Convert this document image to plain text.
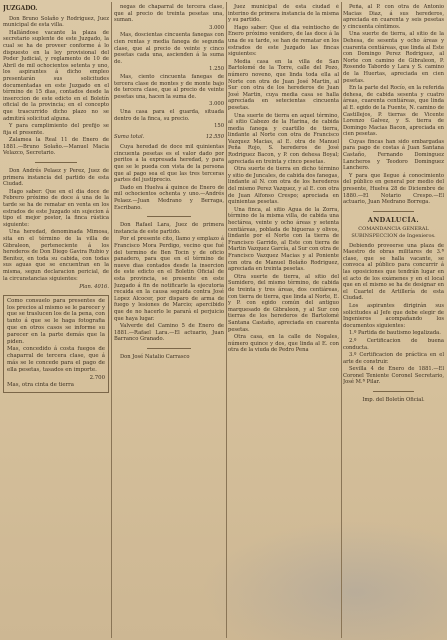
JUZGADO.

Don Bruno Solaño y Rodriguez, Juez municipal de esta villa.

Hallándose vacante la plaza de secretario suplente de este Juzgado, la cual se ha de proveer conforme á lo dispuesto en la ley provisional del Poder Judicial, y reglamento de 10 de Abril de mil ochocientos setenta y uno, los aspirantes á dicho empleo presentarán sus solicitudes documentadas en este Juzgado en el término de 15 dias, contados desde la inserccion de este edicto en el Boletín oficial de la provincia; en el concepto que trascurrido dicho plazo no se admitirá solicitud alguna.

Y para cumplimiento del prefijo se fija el presente.

Zalamea la Real 11 de Enero de 1881.—Bruno Solaño.—Manuel Macia Velazco, Secretario.

Don Andrés Pelaez y Perez, Juez de primera instancia del partido de esta Ciudad.

Hago saber: Que en el dia doce de Febrero próximo de doce á una de la tarde se ha de rematar en venta en los estrados de este Juzgado sin sujecion á tipo el mejor postor, la finca rústica siguiente:

Una heredad, denominada Mimosa, sita en el término de la villa de Gibraleon, perteneciente á los herederos de Don Diego Gavira Rubio y Benitez, en toda su cabida, con todas sus aguas que se encuentran en la misma, segun declaracion pericial, de la circunstancias siguientes:

Plan. 4016.

Como consuelo para presentes de los precios al mismo se le parecer y que se traslucen los de la pena, con tanto á que se le haga fotografia que en otros casos se informe su parecer en la parte demás que la piden.

Mas, concedido á costa fuegos de chaparral de tercera clase, que á más se le concede para el pago de ella pesetas, tasados en importe.

2.700

Mas, otra cinta de tierra

negas de chaparral de tercera clase, que al precio de treinta pesetas una, suman.

3.000

Mas, doscientas cincuenta fanegas con cien rentas y media fanega de segunda clase, que al precio de veinte y cinco pesetas cada una, ascienden á la suma de.

1.250

Mas, ciento cincuenta fanegas de tercera clase de montes y de monte bajo de tercera clase, que al precio de veinte pesetas una, hacen la suma de.

3.000

Una casa para el guarda, situada dentro de la finca, su precio.

150

Suma total.	12.550

Cuya heredad de doce mil quinientas cincuenta pesetas es el valor dado por peritos a la expresada heredad, y para que se le pueda con vista de la persona que al pago sea el que las tres terceras partes del justiprecio.

Dado en Huelva á quince de Enero de mil ochocientos ochenta y uno.—Andrés Pelaez.—Juan Medrano y Berraga, Escribano.

Don Rafael Lara, Juez de primera instancia de este partido.

Por el presente cito, llamo y emplazo á Francisco Mora Perdigo, vecino que fué del termino de Ben Tocin y de oficio panadero, para que en el término de nueve dias contados desde la insercion de este edicto en el Boletin Oficial de esta provincia, se presente en este Juzgado á fin de notificarle la ejecutoria recaida en la causa seguida contra José Lopez Alcocer, por disparo de arma de fuego y lesiones de Marcio; apercibido que de no hacerlo le parará el perjuicio que haya lugar.

Valverde del Camino 5 de Enero de 1881.—Rafael Lara.—El actuario, Juan Barranco Granado.

Don José Natalio Carrasco

Juez municipal de esta ciudad é interino de primera instancia de la misma y su partido.

Hago saber: Que el dia veintiocho de Enero próximo venidero, de las doce á la una de su tarde, se han de rematar en los estrados de este Juzgado las fincas siguientes:

Media casa en la villa de San Bartolomé de la Torre, calle del Pozo, número noveno, que linda toda ella al Norte con otra de Juan José Martin, al Sur con otra de los herederos de Juan José Martin, cuya media casa se halla aprecíada en setecientas cincuenta pesetas.

Una suerte de tierra en aquel término, al sitio Cabezo de la Harina, de cabida media fanega y cuartillo de tierra, lindante al Norte con otra de Francisco Vazquez Macias, al E. otra de Manuel Peña Rojo, S. herederos de José Rodriguez Bacon, y P. con dehesa Boyal; apreciada en treinta y cinco pesetas.

Otra suerte de tierra en dicho término y sitio de Juncales, de cabida dos fanegas, lindante al N. con otra de los herederos del mismo Perez Vazquez, y al E. con otra de Juan Alfonso Crespo; apreciada en quinientas pesetas.

Una finca, al sitio Agua de la Zorra, término de la misma villa, de cabida una hectárea, veinte y ocho áreas y setenta centiáreas, poblada de higueras y olivos, lindante por el Norte con la tierra de Francisco Garrido, al Este con tierra de Martin Vazquez García, al Sur con otra de Francisco Vazquez Macias y al Poniente con otra de Manuel Bolaño Rodriguez, apreciada en treinta pesetas.

Otra suerte de tierra, al sitio del Sumidero, del mismo término, de cabida de treinta y tres áreas, dos centiáreas, con tierra de tierra, que linda al Norte, E. y P. con egido común del antiguo marquesado de Gibraleon, y al Sur con tierras de los herederos de Bartolomé Santana Castaño, apreciada en cuarenta pesetas.

Otra casa, en la calle de Nogales, número quince y dos, que linda al E. con otra de la viuda de Pedro Pena

Peña, al P. con otra de Antonio Macias Diaz, á sus herederos, apreciada en cuarenta y seis pesetas y cincuenta céntimos.

Una suerte de tierra, al sitio de la Dehesa, de sesenta y ocho áreas y cuarenta centiáreas, que linda al Este con Domingo Perez Rodriguez, al Norte con camino de Gibraleon, P. Rosendo Tabordo y Lara y S. camino de la Huertas, apreciada en cien pesetas.

En la parte del Rocío, en la referida dehesa, de cabida sesenta y cuatro áreas, cuarenta centiáreas, que linda al E. egido de la Fuente, N. camino de Castillejos, P. tierras de Vicente Lorenzo Galvez, y S. tierra de Domingo Macias Bacon, apreciada en cien pesetas.

Cuyas fincas han sido embargadas para pago de costas á Juan Santana Castaño, Fernando Dominguez Lancheros y Teodoro Dominguez Lanchero.

Y para que llegue á conocimiento del público en general por medio del presente, Huelva 28 de Diciembre de 1880.—El Notario Crespo.—El actuario, Juan Medrano Borrega.

ANDALUCÍA.

COMANDANCIA GENERAL SUBINSPECCION de Ingenieros.

Debiendo proveerse una plaza de Maestro de obras militares de 3.ª clase, que se halla vacante, se convoca al público para concurrir á las oposiciones que tendrán lugar en el acto de los exámenes y en el local que en el mismo se ha de designar en el Cuartel de Artillería de esta Ciudad.

Los aspirantes dirigirán sus solicitudes al Jefe que debe elegir de Ingenieros acompañando los documentos siguientes:

1.º Partida de bautismo legalizada.

2.º Certificacion de buena conducta.

3.º Certificacion de práctica en el arte de construir.

Sevilla 4 de Enero de 1881.—El Coronel Teniente Coronel Secretario, José M.ª Pilar.

Imp. del Boletín Oficial.
